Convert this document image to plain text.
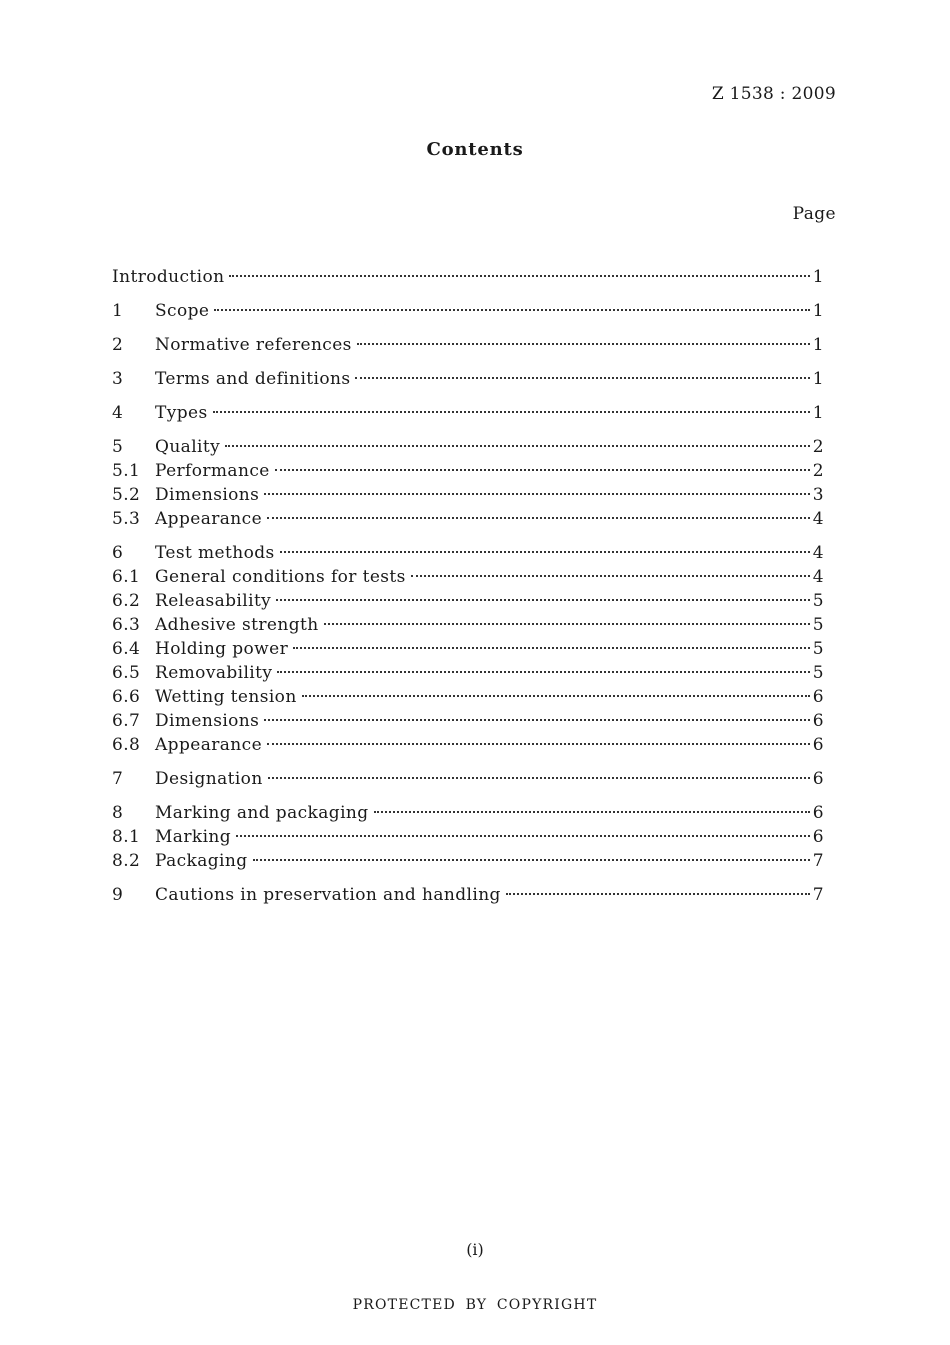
Z 1538 : 2009
Contents
Page
Introduction	1
1	Scope	1
2	Normative references	1
3	Terms and definitions	1
4	Types	1
5	Quality	2
5.1 Performance	2
5.2 Dimensions	3
5.3 Appearance	4
6	Test methods	4
6.1 General conditions for tests	4
6.2 Releasability	5
6.3 Adhesive strength	5
6.4 Holding power	5
6.5 Removability	5
6.6 Wetting tension	6
6.7 Dimensions	6
6.8 Appearance	6
7	Designation	6
8	Marking and packaging	6
8.1 Marking	6
8.2 Packaging	7
9	Cautions in preservation and handling	7
(i)
PROTECTED BY COPYRIGHT
